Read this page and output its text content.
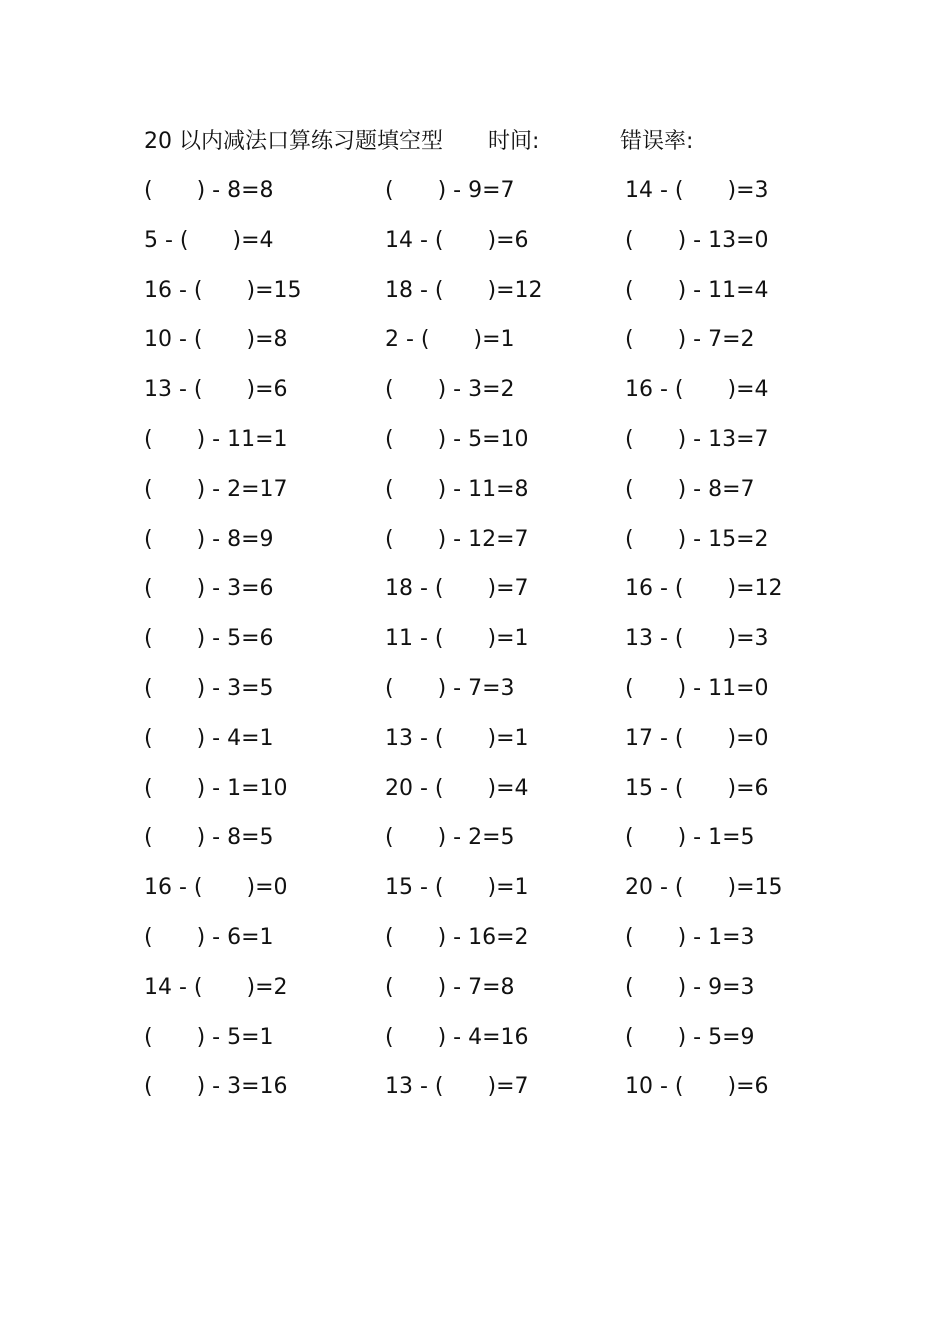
20 以内减法口算练习题填空型 时间:	错误率:
(　　) - 8=8	(　　) - 9=7	14 - (　　)=3
5 - (　　)=4	14 - (　　)=6	(　　) - 13=0
16 - (　　)=15	18 - (　　)=12	(　　) - 11=4
10 - (　　)=8	2 - (　　)=1	(　　) - 7=2
13 - (　　)=6	(　　) - 3=2	16 - (　　)=4
(　　) - 11=1	(　　) - 5=10	(　　) - 13=7
(　　) - 2=17	(　　) - 11=8	(　　) - 8=7
(　　) - 8=9	(　　) - 12=7	(　　) - 15=2
(　　) - 3=6	18 - (　　)=7	16 - (　　)=12
(　　) - 5=6	11 - (　　)=1	13 - (　　)=3
(　　) - 3=5	(　　) - 7=3	(　　) - 11=0
(　　) - 4=1	13 - (　　)=1	17 - (　　)=0
(　　) - 1=10	20 - (　　)=4	15 - (　　)=6
(　　) - 8=5	(　　) - 2=5	(　　) - 1=5
16 - (　　)=0	15 - (　　)=1	20 - (　　)=15
(　　) - 6=1	(　　) - 16=2	(　　) - 1=3
14 - (　　)=2	(　　) - 7=8	(　　) - 9=3
(　　) - 5=1	(　　) - 4=16	(　　) - 5=9
(　　) - 3=16	13 - (　　)=7	10 - (　　)=6
